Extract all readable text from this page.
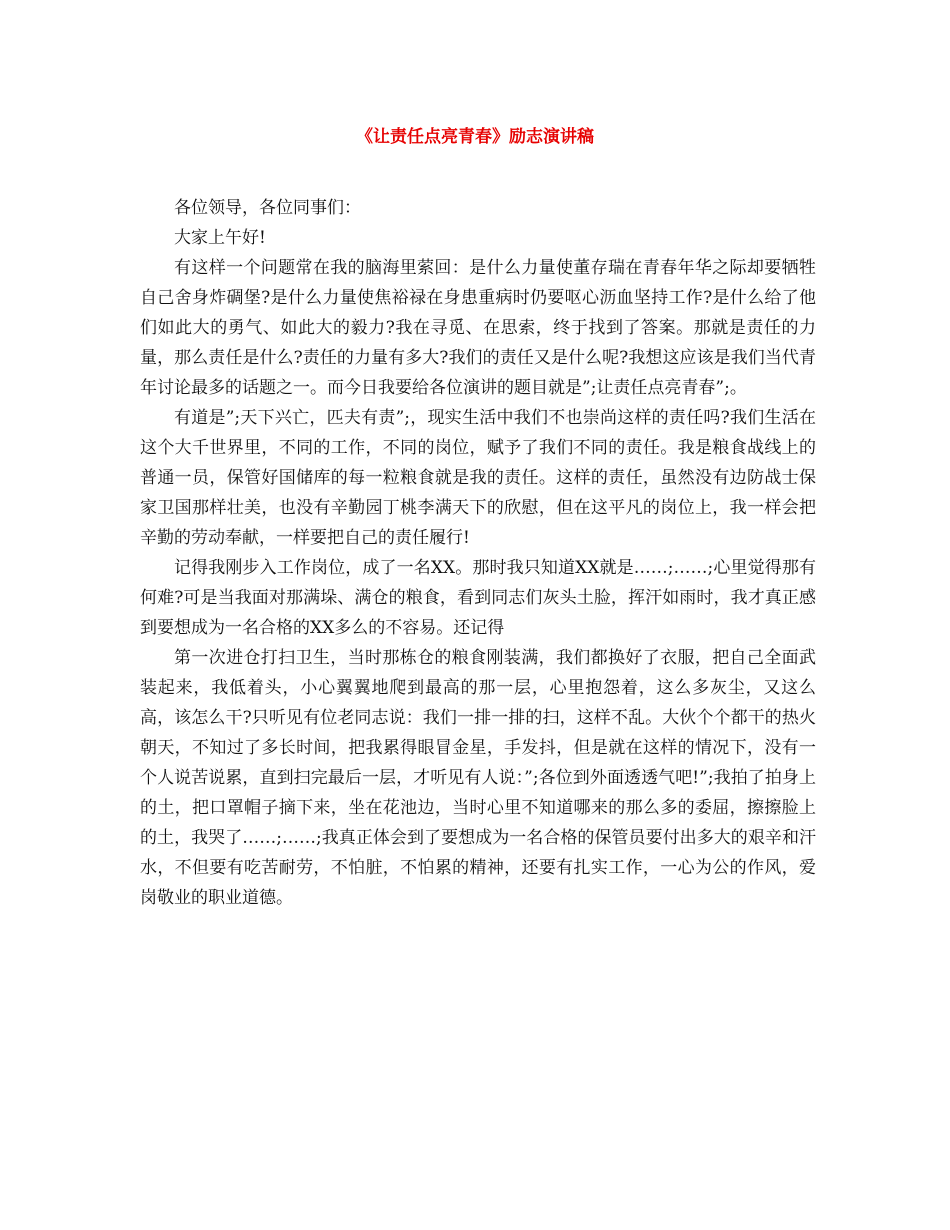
《让责任点亮青春》励志演讲稿

各位领导，各位同事们：

大家上午好!

有这样一个问题常在我的脑海里萦回：是什么力量使董存瑞在青春年华之际却要牺牲自己舍身炸碉堡?是什么力量使焦裕禄在身患重病时仍要呕心沥血坚持工作?是什么给了他们如此大的勇气、如此大的毅力?我在寻觅、在思索，终于找到了答案。那就是责任的力量，那么责任是什么?责任的力量有多大?我们的责任又是什么呢?我想这应该是我们当代青年讨论最多的话题之一。而今日我要给各位演讲的题目就是”;让责任点亮青春”;。

有道是”;天下兴亡，匹夫有责”;，现实生活中我们不也崇尚这样的责任吗?我们生活在这个大千世界里，不同的工作，不同的岗位，赋予了我们不同的责任。我是粮食战线上的普通一员，保管好国储库的每一粒粮食就是我的责任。这样的责任，虽然没有边防战士保家卫国那样壮美，也没有辛勤园丁桃李满天下的欣慰，但在这平凡的岗位上，我一样会把辛勤的劳动奉献，一样要把自己的责任履行!

记得我刚步入工作岗位，成了一名XX。那时我只知道XX就是……;……;心里觉得那有何难?可是当我面对那满垛、满仓的粮食，看到同志们灰头土脸，挥汗如雨时，我才真正感到要想成为一名合格的XX多么的不容易。还记得

第一次进仓打扫卫生，当时那栋仓的粮食刚装满，我们都换好了衣服，把自己全面武装起来，我低着头，小心翼翼地爬到最高的那一层，心里抱怨着，这么多灰尘，又这么高，该怎么干?只听见有位老同志说：我们一排一排的扫，这样不乱。大伙个个都干的热火朝天，不知过了多长时间，把我累得眼冒金星，手发抖，但是就在这样的情况下，没有一个人说苦说累，直到扫完最后一层，才听见有人说：”;各位到外面透透气吧!”;我拍了拍身上的土，把口罩帽子摘下来，坐在花池边，当时心里不知道哪来的那么多的委屈，擦擦脸上的土，我哭了……;……;我真正体会到了要想成为一名合格的保管员要付出多大的艰辛和汗水，不但要有吃苦耐劳，不怕脏，不怕累的精神，还要有扎实工作，一心为公的作风，爱岗敬业的职业道德。
